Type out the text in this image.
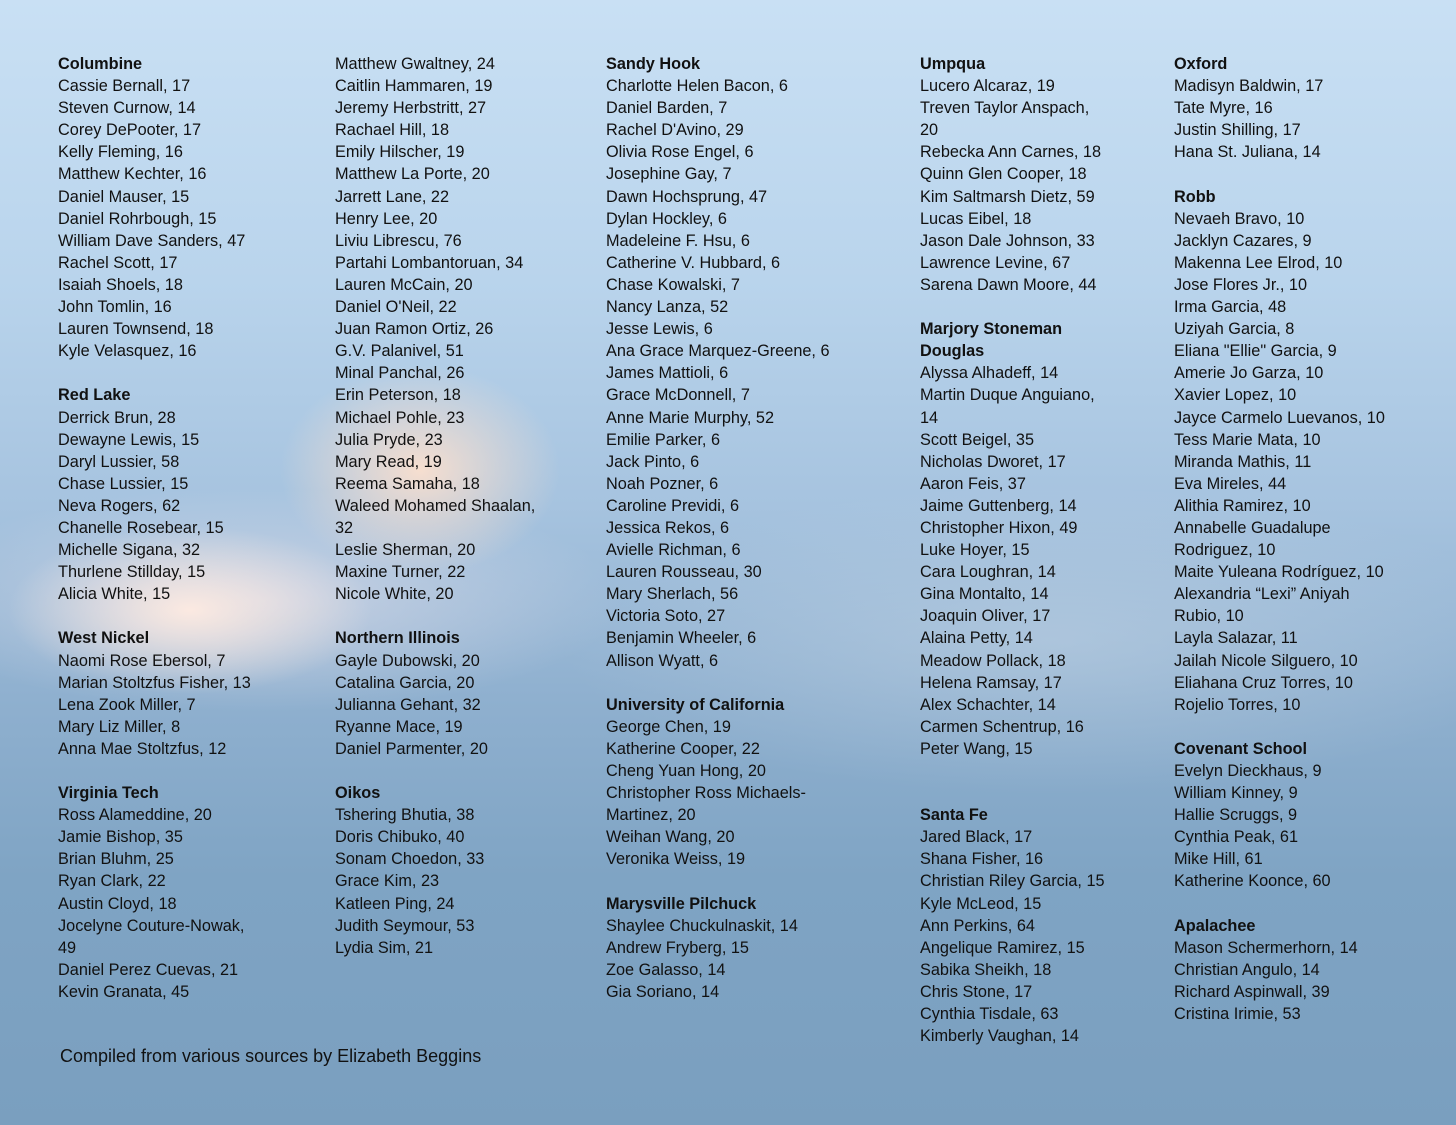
Columbine
Cassie Bernall, 17
Steven Curnow, 14
Corey DePooter, 17
Kelly Fleming, 16
Matthew Kechter, 16
Daniel Mauser, 15
Daniel Rohrbough, 15
William Dave Sanders, 47
Rachel Scott, 17
Isaiah Shoels, 18
John Tomlin, 16
Lauren Townsend, 18
Kyle Velasquez, 16
Red Lake
Derrick Brun, 28
Dewayne Lewis, 15
Daryl Lussier, 58
Chase Lussier, 15
Neva Rogers, 62
Chanelle Rosebear, 15
Michelle Sigana, 32
Thurlene Stillday, 15
Alicia White, 15
West Nickel
Naomi Rose Ebersol, 7
Marian Stoltzfus Fisher, 13
Lena Zook Miller, 7
Mary Liz Miller, 8
Anna Mae Stoltzfus, 12
Virginia Tech
Ross Alameddine, 20
Jamie Bishop, 35
Brian Bluhm, 25
Ryan Clark, 22
Austin Cloyd, 18
Jocelyne Couture-Nowak,
49
Daniel Perez Cuevas, 21
Kevin Granata, 45
Matthew Gwaltney, 24
Caitlin Hammaren, 19
Jeremy Herbstritt, 27
Rachael Hill, 18
Emily Hilscher, 19
Matthew La Porte, 20
Jarrett Lane, 22
Henry Lee, 20
Liviu Librescu, 76
Partahi Lombantoruan, 34
Lauren McCain, 20
Daniel O'Neil, 22
Juan Ramon Ortiz, 26
G.V. Palanivel, 51
Minal Panchal, 26
Erin Peterson, 18
Michael Pohle, 23
Julia Pryde, 23
Mary Read, 19
Reema Samaha, 18
Waleed Mohamed Shaalan,
32
Leslie Sherman, 20
Maxine Turner, 22
Nicole White, 20
Northern Illinois
Gayle Dubowski, 20
Catalina Garcia, 20
Julianna Gehant, 32
Ryanne Mace, 19
Daniel Parmenter, 20
Oikos
Tshering Bhutia, 38
Doris Chibuko, 40
Sonam Choedon, 33
Grace Kim, 23
Katleen Ping, 24
Judith Seymour, 53
Lydia Sim, 21
Sandy Hook
Charlotte Helen Bacon, 6
Daniel Barden, 7
Rachel D'Avino, 29
Olivia Rose Engel, 6
Josephine Gay, 7
Dawn Hochsprung, 47
Dylan Hockley, 6
Madeleine F. Hsu, 6
Catherine V. Hubbard, 6
Chase Kowalski, 7
Nancy Lanza, 52
Jesse Lewis, 6
Ana Grace Marquez-Greene, 6
James Mattioli, 6
Grace McDonnell, 7
Anne Marie Murphy, 52
Emilie Parker, 6
Jack Pinto, 6
Noah Pozner, 6
Caroline Previdi, 6
Jessica Rekos, 6
Avielle Richman, 6
Lauren Rousseau, 30
Mary Sherlach, 56
Victoria Soto, 27
Benjamin Wheeler, 6
Allison Wyatt, 6
University of California
George Chen, 19
Katherine Cooper, 22
Cheng Yuan Hong, 20
Christopher Ross Michaels-
Martinez, 20
Weihan Wang, 20
Veronika Weiss, 19
Marysville Pilchuck
Shaylee Chuckulnaskit, 14
Andrew Fryberg, 15
Zoe Galasso, 14
Gia Soriano, 14
Umpqua
Lucero Alcaraz, 19
Treven Taylor Anspach,
20
Rebecka Ann Carnes, 18
Quinn Glen Cooper, 18
Kim Saltmarsh Dietz, 59
Lucas Eibel, 18
Jason Dale Johnson, 33
Lawrence Levine, 67
Sarena Dawn Moore, 44
Marjory Stoneman
Douglas
Alyssa Alhadeff, 14
Martin Duque Anguiano,
14
Scott Beigel, 35
Nicholas Dworet, 17
Aaron Feis, 37
Jaime Guttenberg, 14
Christopher Hixon, 49
Luke Hoyer, 15
Cara Loughran, 14
Gina Montalto, 14
Joaquin Oliver, 17
Alaina Petty, 14
Meadow Pollack, 18
Helena Ramsay, 17
Alex Schachter, 14
Carmen Schentrup, 16
Peter Wang, 15

Santa Fe
Jared Black, 17
Shana Fisher, 16
Christian Riley Garcia, 15
Kyle McLeod, 15
Ann Perkins, 64
Angelique Ramirez, 15
Sabika Sheikh, 18
Chris Stone, 17
Cynthia Tisdale, 63
Kimberly Vaughan, 14
Oxford
Madisyn Baldwin, 17
Tate Myre, 16
Justin Shilling, 17
Hana St. Juliana, 14
Robb
Nevaeh Bravo, 10
Jacklyn Cazares, 9
Makenna Lee Elrod, 10
Jose Flores Jr., 10
Irma Garcia, 48
Uziyah Garcia, 8
Eliana "Ellie" Garcia, 9
Amerie Jo Garza, 10
Xavier Lopez, 10
Jayce Carmelo Luevanos, 10
Tess Marie Mata, 10
Miranda Mathis, 11
Eva Mireles, 44
Alithia Ramirez, 10
Annabelle Guadalupe
Rodriguez, 10
Maite Yuleana Rodríguez, 10
Alexandria “Lexi” Aniyah
Rubio, 10
Layla Salazar, 11
Jailah Nicole Silguero, 10
Eliahana Cruz Torres, 10
Rojelio Torres, 10
Covenant School
Evelyn Dieckhaus, 9
William Kinney, 9
Hallie Scruggs, 9
Cynthia Peak, 61
Mike Hill, 61
Katherine Koonce, 60
Apalachee
Mason Schermerhorn, 14
Christian Angulo, 14
Richard Aspinwall, 39
Cristina Irimie, 53
Compiled from various sources by Elizabeth Beggins
